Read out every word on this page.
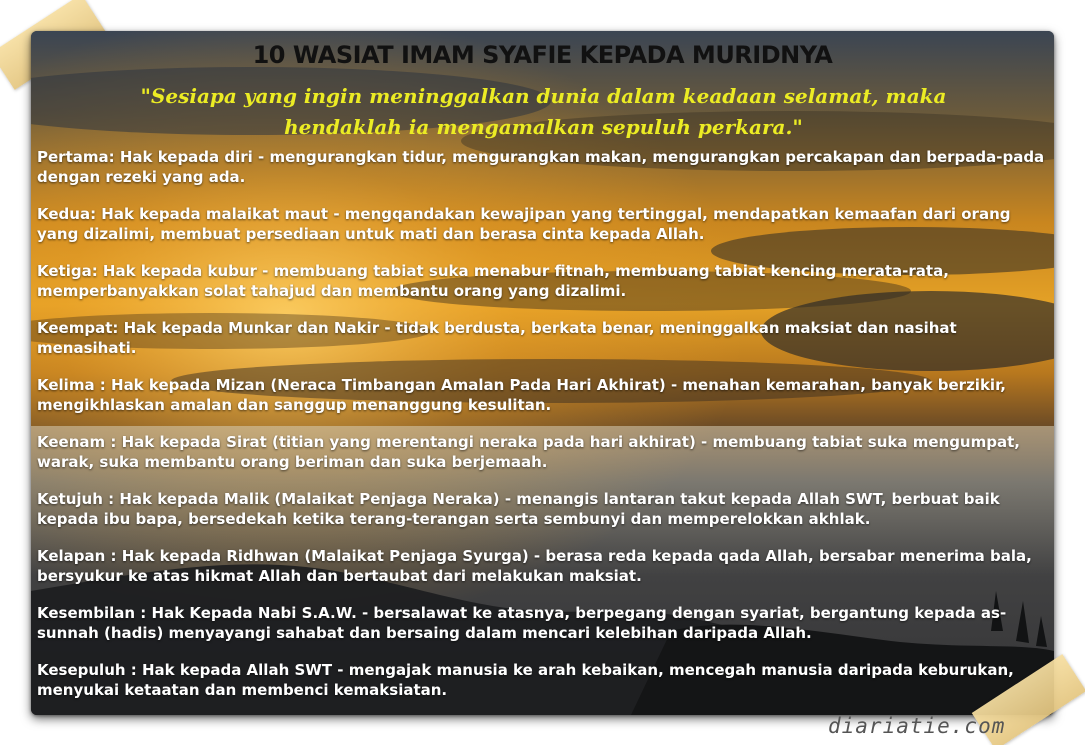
10 WASIAT IMAM SYAFIE KEPADA MURIDNYA
"Sesiapa yang ingin meninggalkan dunia dalam keadaan selamat, maka hendaklah ia mengamalkan sepuluh perkara."

Pertama: Hak kepada diri - mengurangkan tidur, mengurangkan makan, mengurangkan percakapan dan berpada-pada dengan rezeki yang ada.

Kedua: Hak kepada malaikat maut - mengqandakan kewajipan yang tertinggal, mendapatkan kemaafan dari orang yang dizalimi, membuat persediaan untuk mati dan berasa cinta kepada Allah.

Ketiga: Hak kepada kubur - membuang tabiat suka menabur fitnah, membuang tabiat kencing merata-rata, memperbanyakkan solat tahajud dan membantu orang yang dizalimi.

Keempat: Hak kepada Munkar dan Nakir - tidak berdusta, berkata benar, meninggalkan maksiat dan nasihat menasihati.

Kelima : Hak kepada Mizan (Neraca Timbangan Amalan Pada Hari Akhirat) - menahan kemarahan, banyak berzikir, mengikhlaskan amalan dan sanggup menanggung kesulitan.

Keenam : Hak kepada Sirat (titian yang merentangi neraka pada hari akhirat) - membuang tabiat suka mengumpat, warak, suka membantu orang beriman dan suka berjemaah.

Ketujuh : Hak kepada Malik (Malaikat Penjaga Neraka) - menangis lantaran takut kepada Allah SWT, berbuat baik kepada ibu bapa, bersedekah ketika terang-terangan serta sembunyi dan memperelokkan akhlak.

Kelapan : Hak kepada Ridhwan (Malaikat Penjaga Syurga) - berasa reda kepada qada Allah, bersabar menerima bala, bersyukur ke atas hikmat Allah dan bertaubat dari melakukan maksiat.

Kesembilan : Hak Kepada Nabi S.A.W. - bersalawat ke atasnya, berpegang dengan syariat, bergantung kepada as-sunnah (hadis) menyayangi sahabat dan bersaing dalam mencari kelebihan daripada Allah.

Kesepuluh : Hak kepada Allah SWT - mengajak manusia ke arah kebaikan, mencegah manusia daripada keburukan, menyukai ketaatan dan membenci kemaksiatan.

diariatie.com
